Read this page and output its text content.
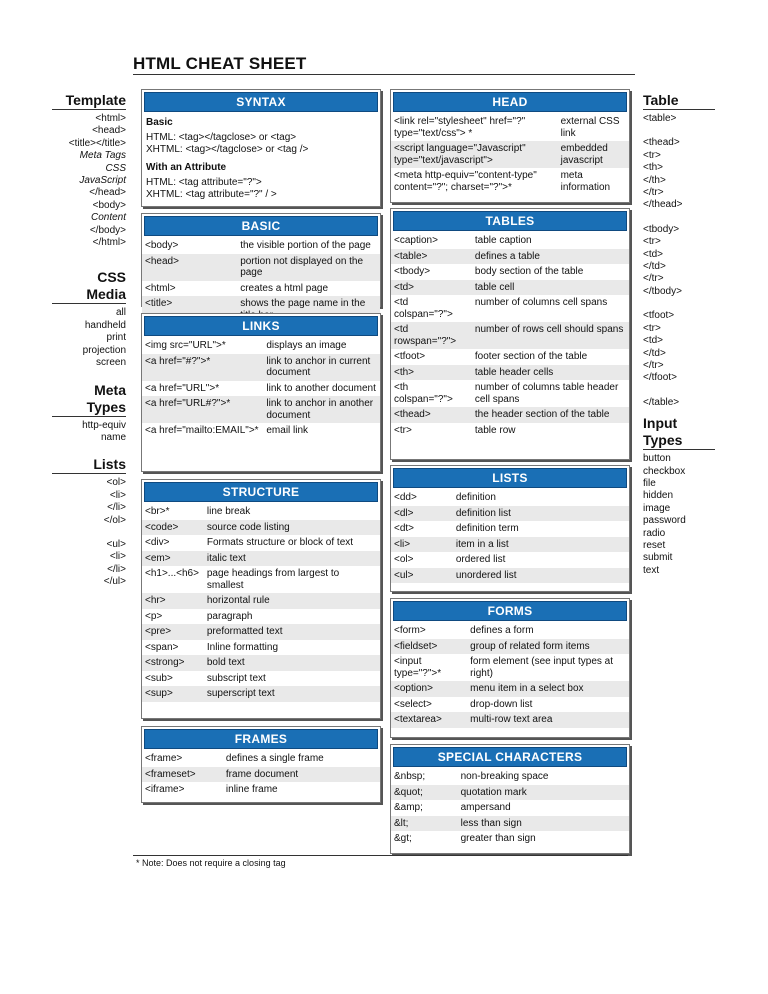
HTML CHEAT SHEET
Template
<html>
<head>
<title></title>
Meta Tags
CSS
JavaScript
</head>
<body>
Content
</body>
</html>
CSS
Media
all
handheld
print
projection
screen
Meta
Types
http-equiv
name
Lists
<ol>
<li>
</li>
</ol>
<ul>
<li>
</li>
</ul>
Table
<table>
<thead>
<tr>
<th>
</th>
</tr>
</thead>
<tbody>
<tr>
<td>
</td>
</tr>
</tbody>
<tfoot>
<tr>
<td>
</td>
</tr>
</tfoot>
</table>
Input
Types
button
checkbox
file
hidden
image
password
radio
reset
submit
text
SYNTAX
Basic
HTML: <tag></tagclose> or <tag>
XHTML: <tag></tagclose> or <tag />
With an Attribute
HTML: <tag attribute="?">
XHTML: <tag attribute="?" / >
BASIC
<body>	the visible portion of the page
<head>	portion not displayed on the page
<html>	creates a html page
<title>	shows the page name in the
LINKS
<img src="URL">*	displays an image
<a href="#?">*	link to anchor in current document
<a href="URL">*	link to another document
<a href="URL#?">*	link to anchor in another document
<a href="mailto:EMAIL">*	email link
STRUCTURE
<br>*	line break
<code>	source code listing
<div>	Formats structure or block of text
<em>	italic text
<h1>...<h6>	page headings from largest to smallest
<hr>	horizontal rule
<p>	paragraph
<pre>	preformatted text
<span>	Inline formatting
<strong>	bold text
<sub>	subscript text
<sup>	superscript text
FRAMES
<frame>	defines a single frame
<frameset>	frame document
<iframe>	inline frame
HEAD
<link rel="stylesheet" href="?" type="text/css"> *	external CSS link
<script language="Javascript" type="text/javascript">	embedded javascript
<meta http-equiv="content-type" content="?"; charset="?">*	meta information
TABLES
<caption>	table caption
<table>	defines a table
<tbody>	body section of the table
<td>	table cell
<td colspan="?">	number of columns cell spans
<td rowspan="?">	number of rows cell should spans
<tfoot>	footer section of the table
<th>	table header cells
<th colspan="?">	number of columns table header cell spans
<thead>	the header section of the table
<tr>	table row
LISTS
<dd>	definition
<dl>	definition list
<dt>	definition term
<li>	item in a list
<ol>	ordered list
<ul>	unordered list
FORMS
<form>	defines a form
<fieldset>	group of related form items
<input type="?">*	form element (see input types at right)
<option>	menu item in a select box
<select>	drop-down list
<textarea>	multi-row text area
SPECIAL CHARACTERS
&nbsp;	non-breaking space
&quot;	quotation mark
&amp;	ampersand
&lt;	less than sign
&gt;	greater than sign
* Note: Does not require a closing tag
